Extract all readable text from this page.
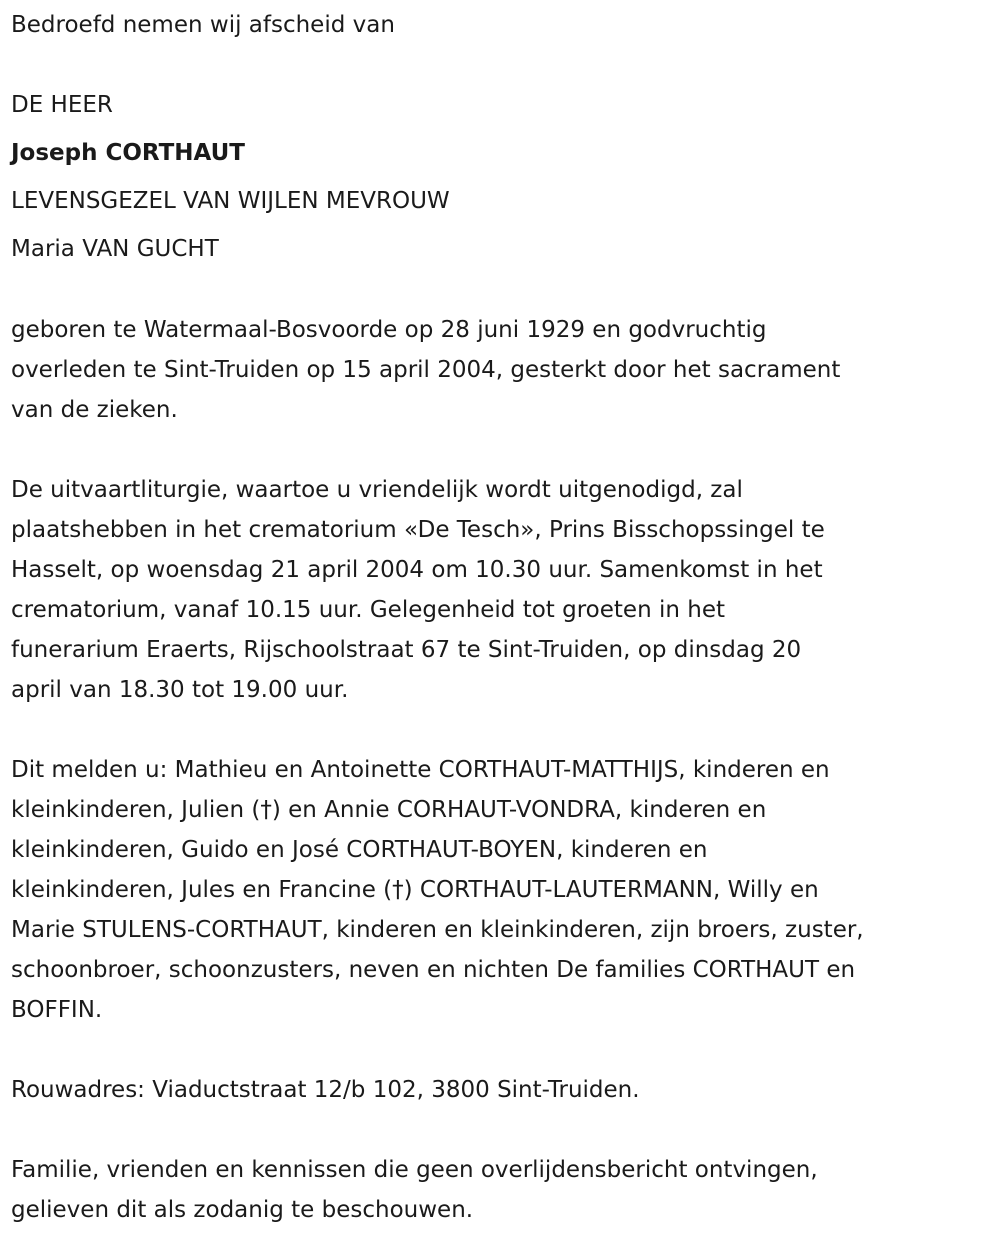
Bedroefd nemen wij afscheid van
DE HEER
Joseph CORTHAUT
LEVENSGEZEL VAN WIJLEN MEVROUW
Maria VAN GUCHT
geboren te Watermaal-Bosvoorde op 28 juni 1929 en godvruchtig
overleden te Sint-Truiden op 15 april 2004, gesterkt door het sacrament
van de zieken.
De uitvaartliturgie, waartoe u vriendelijk wordt uitgenodigd, zal
plaatshebben in het crematorium «De Tesch», Prins Bisschopssingel te
Hasselt, op woensdag 21 april 2004 om 10.30 uur. Samenkomst in het
crematorium, vanaf 10.15 uur. Gelegenheid tot groeten in het
funerarium Eraerts, Rijschoolstraat 67 te Sint-Truiden, op dinsdag 20
april van 18.30 tot 19.00 uur.
Dit melden u: Mathieu en Antoinette CORTHAUT-MATTHIJS, kinderen en
kleinkinderen, Julien (†) en Annie CORHAUT-VONDRA, kinderen en
kleinkinderen, Guido en José CORTHAUT-BOYEN, kinderen en
kleinkinderen, Jules en Francine (†) CORTHAUT-LAUTERMANN, Willy en
Marie STULENS-CORTHAUT, kinderen en kleinkinderen, zijn broers, zuster,
schoonbroer, schoonzusters, neven en nichten De families CORTHAUT en
BOFFIN.
Rouwadres: Viaductstraat 12/b 102, 3800 Sint-Truiden.
Familie, vrienden en kennissen die geen overlijdensbericht ontvingen,
gelieven dit als zodanig te beschouwen.
